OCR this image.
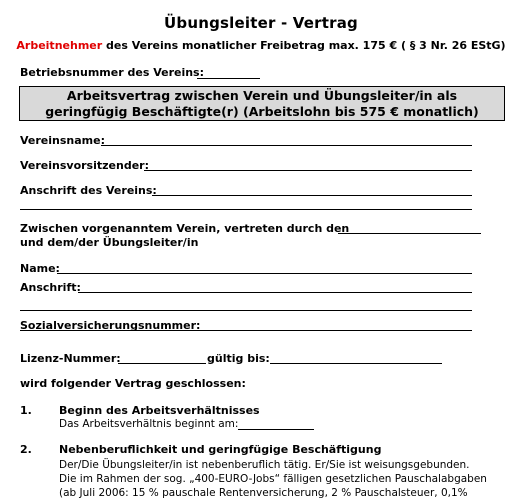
Übungsleiter - Vertrag
Arbeitnehmer des Vereins monatlicher Freibetrag max. 175 € ( § 3 Nr. 26 EStG)
Betriebsnummer des Vereins:
Arbeitsvertrag zwischen Verein und Übungsleiter/in als
geringfügig Beschäftigte(r) (Arbeitslohn bis 575 € monatlich)
Vereinsname:
Vereinsvorsitzender:
Anschrift des Vereins:
Zwischen vorgenanntem Verein, vertreten durch den
und dem/der Übungsleiter/in
Name:
Anschrift:
Sozialversicherungsnummer:
Lizenz-Nummer:	gültig bis:
wird folgender Vertrag geschlossen:
1. Beginn des Arbeitsverhältnisses
Das Arbeitsverhältnis beginnt am:
2. Nebenberuflichkeit und geringfügige Beschäftigung
Der/Die Übungsleiter/in ist nebenberuflich tätig. Er/Sie ist weisungsgebunden.
Die im Rahmen der sog. „400-EURO-Jobs“ fälligen gesetzlichen Pauschalabgaben
(ab Juli 2006: 15 % pauschale Rentenversicherung, 2 % Pauschalsteuer, 0,1%
